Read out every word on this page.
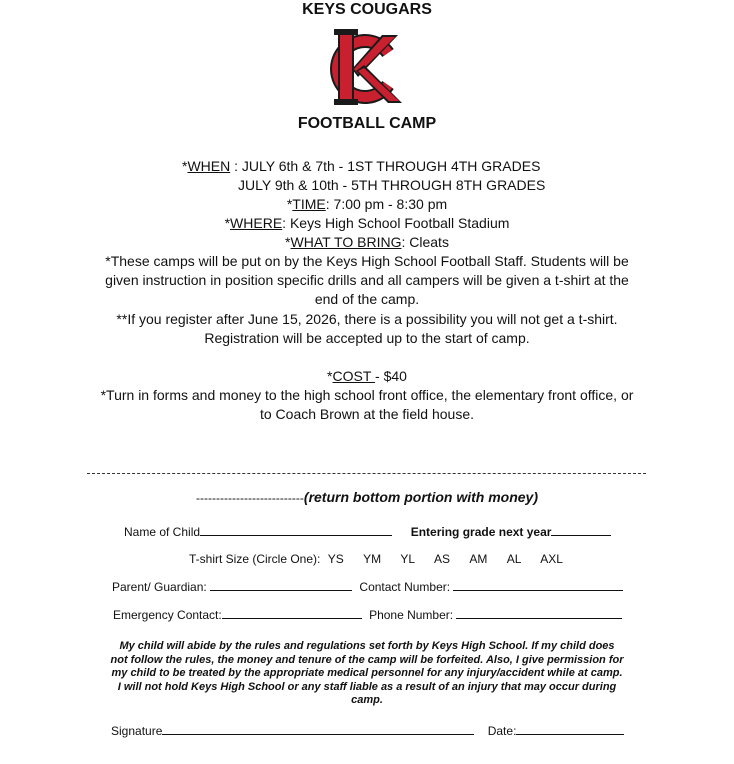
KEYS COUGARS
FOOTBALL CAMP
*WHEN : JULY 6th & 7th - 1ST THROUGH 4TH GRADES
JULY 9th & 10th - 5TH THROUGH 8TH GRADES
*TIME: 7:00 pm - 8:30 pm
*WHERE: Keys High School Football Stadium
*WHAT TO BRING: Cleats
*These camps will be put on by the Keys High School Football Staff. Students will be
given instruction in position specific drills and all campers will be given a t-shirt at the
end of the camp.
**If you register after June 15, 2026, there is a possibility you will not get a t-shirt.
Registration will be accepted up to the start of camp.
*COST - $40
*Turn in forms and money to the high school front office, the elementary front office, or
to Coach Brown at the field house.
---------------------------(return bottom portion with money)
Name of Child	Entering grade next year
T-shirt Size (Circle One): YS YM YL AS AM AL AXL
Parent/ Guardian:	Contact Number:
Emergency Contact:	Phone Number:
My child will abide by the rules and regulations set forth by Keys High School. If my child does
not follow the rules, the money and tenure of the camp will be forfeited. Also, I give permission for
my child to be treated by the appropriate medical personnel for any injury/accident while at camp.
I will not hold Keys High School or any staff liable as a result of an injury that may occur during
camp.
Signature	Date:
